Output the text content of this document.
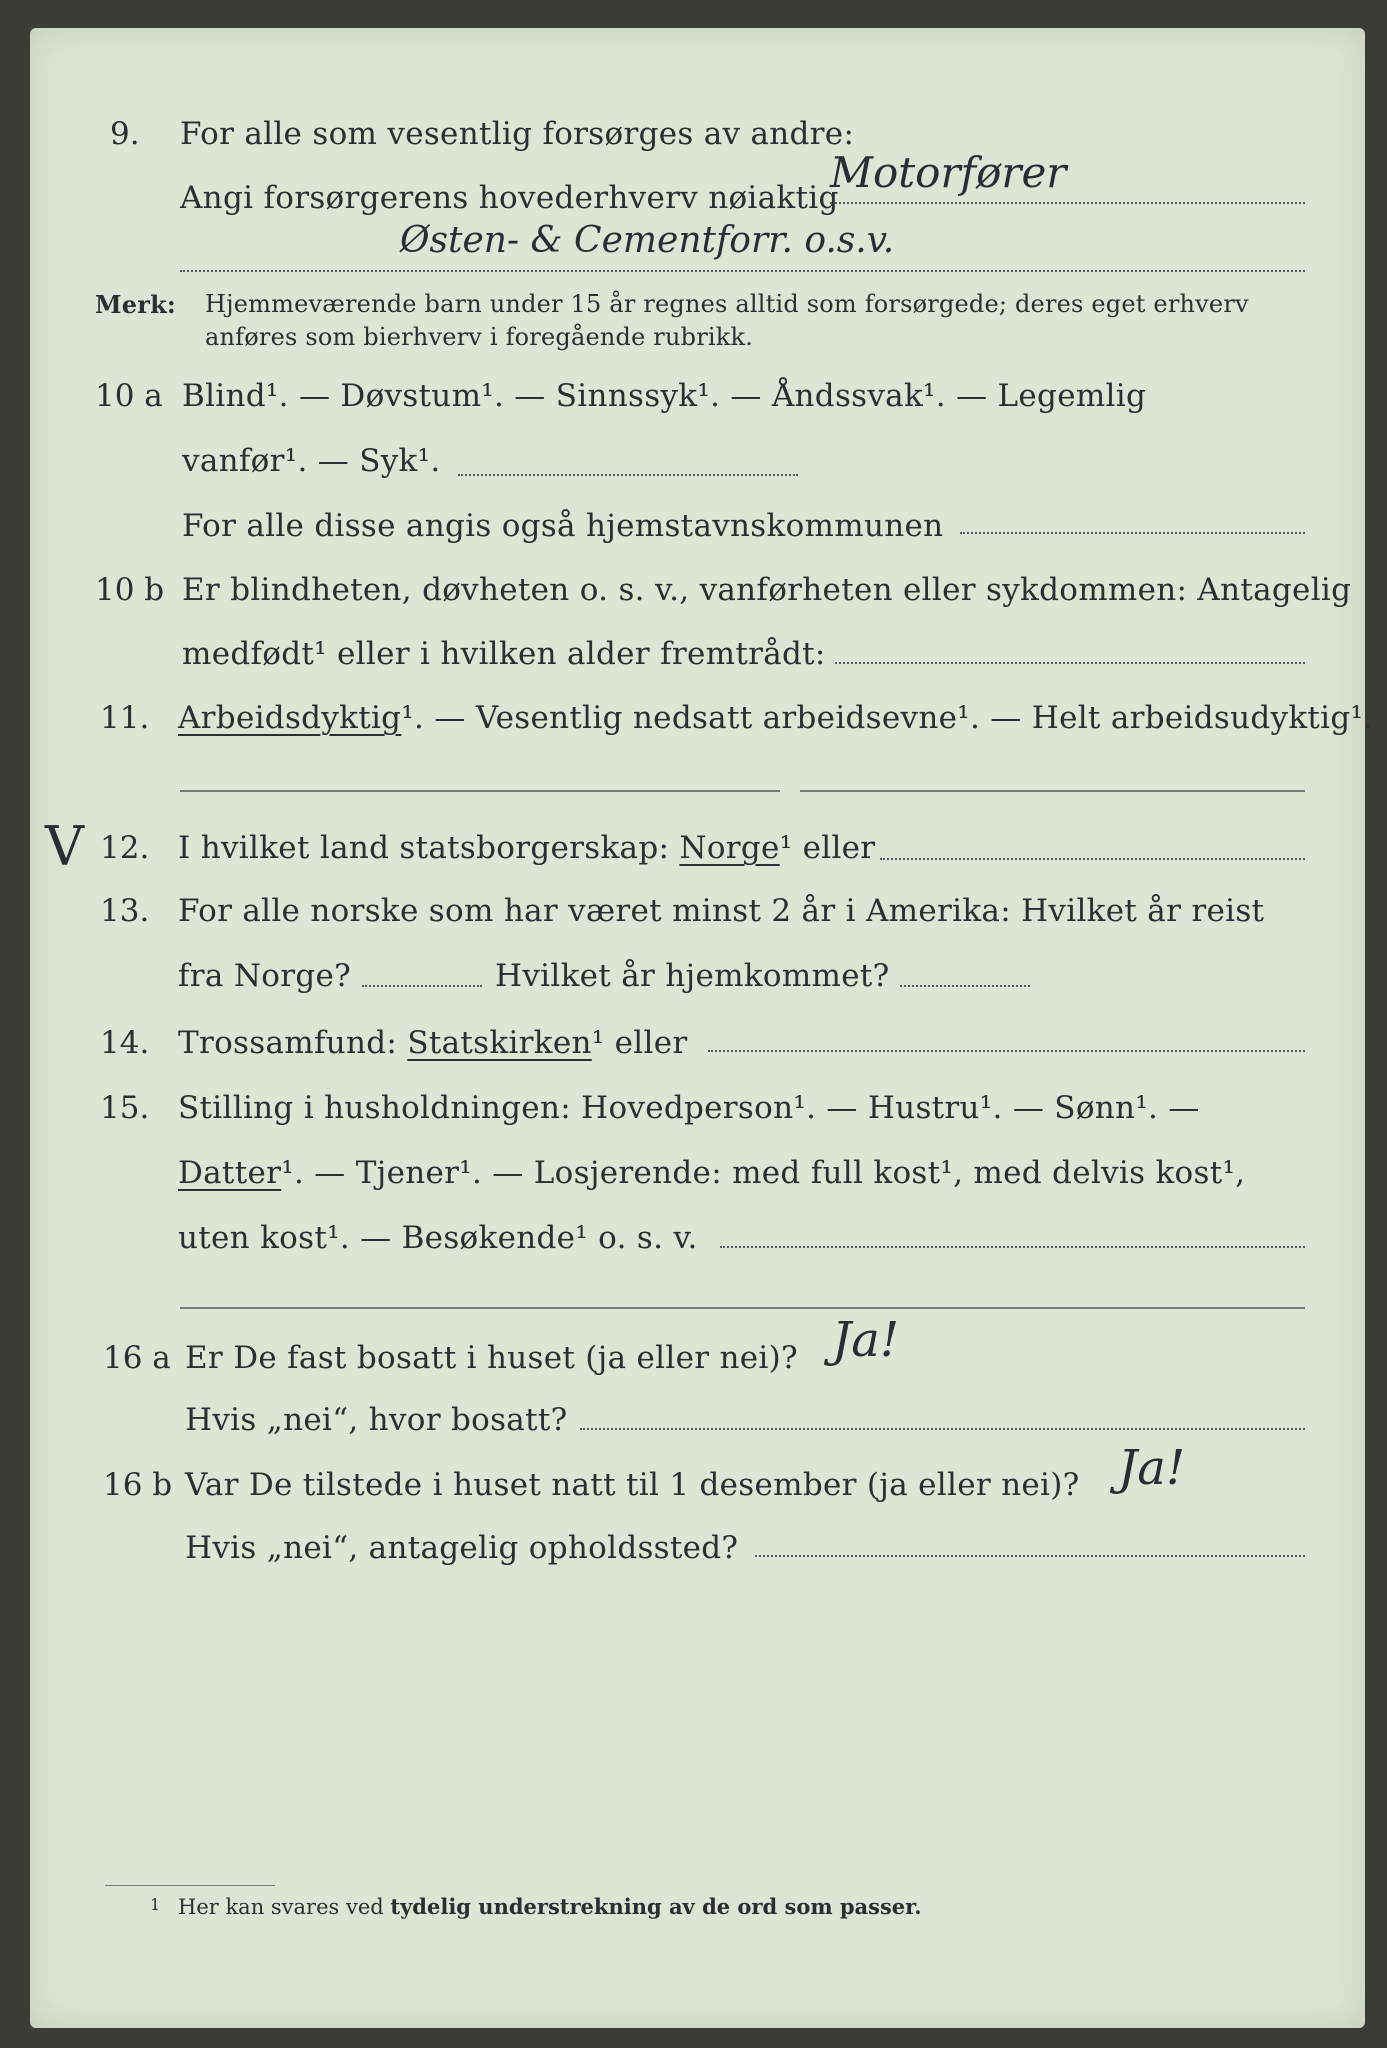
9. For alle som vesentlig forsørges av andre:
Angi forsørgerens hovederhverv nøiaktig
Motorfører
Østen- & Cementforr. o.s.v.
Merk: Hjemmeværende barn under 15 år regnes alltid som forsørgede; deres eget erhverv
anføres som bierhverv i foregående rubrikk.
10 a Blind¹. — Døvstum¹. — Sinnssyk¹. — Åndssvak¹. — Legemlig
vanfør¹. — Syk¹.
For alle disse angis også hjemstavnskommunen
10 b Er blindheten, døvheten o. s. v., vanførheten eller sykdommen: Antagelig
medfødt¹ eller i hvilken alder fremtrådt:
11. Arbeidsdyktig¹. — Vesentlig nedsatt arbeidsevne¹. — Helt arbeidsudyktig¹.
V 12. I hvilket land statsborgerskap: Norge¹ eller
13. For alle norske som har været minst 2 år i Amerika: Hvilket år reist
fra Norge?	Hvilket år hjemkommet?
14. Trossamfund: Statskirken¹ eller
15. Stilling i husholdningen: Hovedperson¹. — Hustru¹. — Sønn¹. —
Datter¹. — Tjener¹. — Losjerende: med full kost¹, med delvis kost¹,
uten kost¹. — Besøkende¹ o. s. v.
16 a Er De fast bosatt i huset (ja eller nei)? Ja!
Hvis „nei“, hvor bosatt?
16 b Var De tilstede i huset natt til 1 desember (ja eller nei)? Ja!
Hvis „nei“, antagelig opholdssted?
1 Her kan svares ved tydelig understrekning av de ord som passer.
